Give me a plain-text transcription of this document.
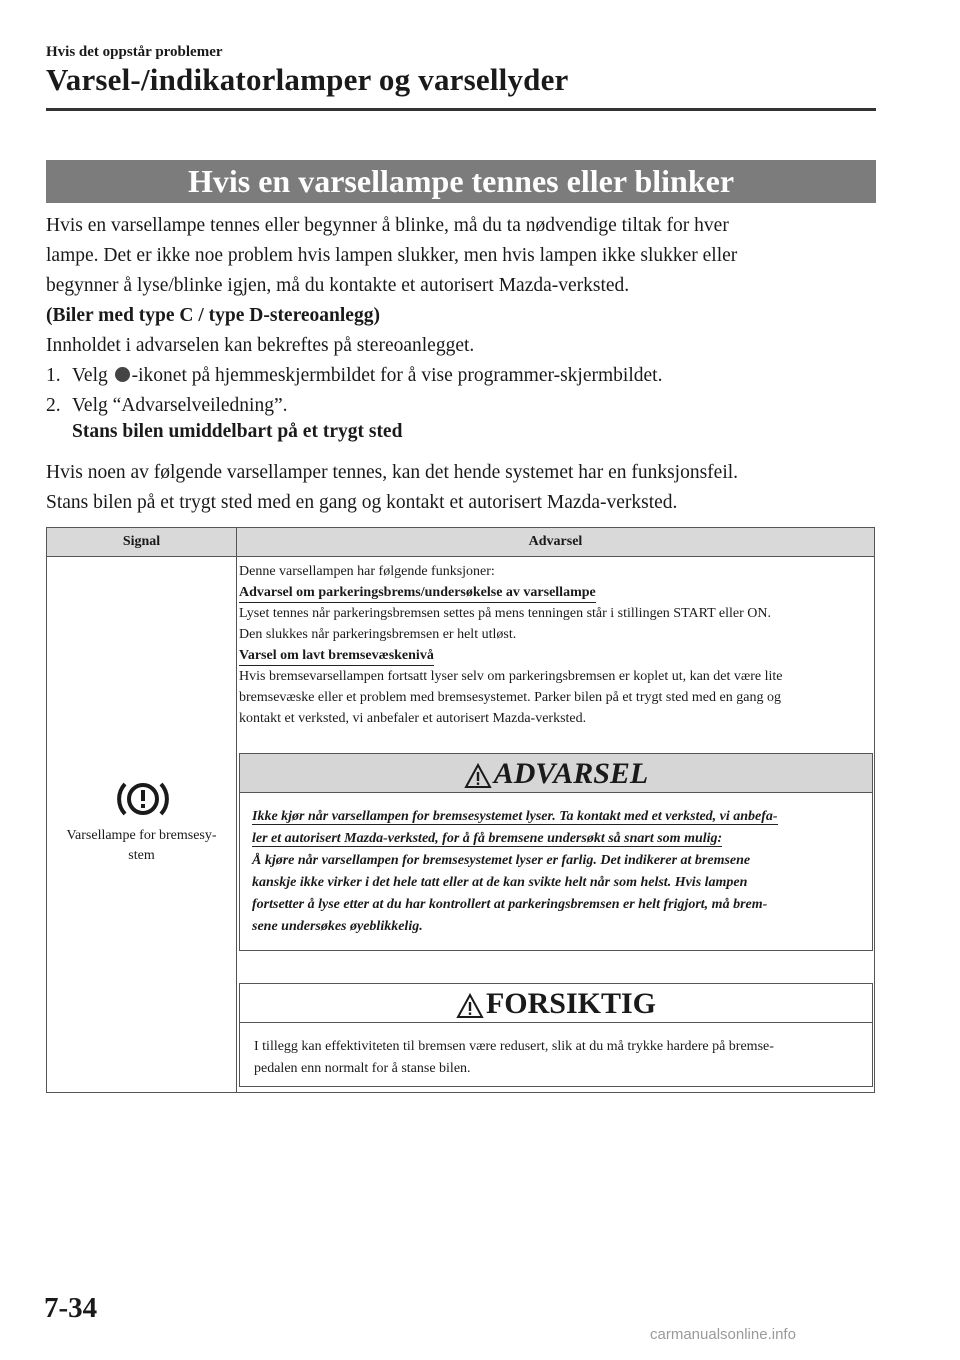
Hvis det oppstår problemer
Varsel-/indikatorlamper og varsellyder
Hvis en varsellampe tennes eller blinker
Hvis en varsellampe tennes eller begynner å blinke, må du ta nødvendige tiltak for hver
lampe. Det er ikke noe problem hvis lampen slukker, men hvis lampen ikke slukker eller
begynner å lyse/blinke igjen, må du kontakte et autorisert Mazda-verksted.
(Biler med type C / type D-stereoanlegg)
Innholdet i advarselen kan bekreftes på stereoanlegget.
1. Velg -ikonet på hjemmeskjermbildet for å vise programmer-skjermbildet.
2. Velg “Advarselveiledning”.
Stans bilen umiddelbart på et trygt sted
Hvis noen av følgende varsellamper tennes, kan det hende systemet har en funksjonsfeil.
Stans bilen på et trygt sted med en gang og kontakt et autorisert Mazda-verksted.
Signal	Advarsel
Varsellampe for bremsesy-
stem
Denne varsellampen har følgende funksjoner:
Advarsel om parkeringsbrems/undersøkelse av varsellampe
Lyset tennes når parkeringsbremsen settes på mens tenningen står i stillingen START eller ON.
Den slukkes når parkeringsbremsen er helt utløst.
Varsel om lavt bremsevæskenivå
Hvis bremsevarsellampen fortsatt lyser selv om parkeringsbremsen er koplet ut, kan det være lite
bremsevæske eller et problem med bremsesystemet. Parker bilen på et trygt sted med en gang og
kontakt et verksted, vi anbefaler et autorisert Mazda-verksted.
ADVARSEL
Ikke kjør når varsellampen for bremsesystemet lyser. Ta kontakt med et verksted, vi anbefa-
ler et autorisert Mazda-verksted, for å få bremsene undersøkt så snart som mulig:
Å kjøre når varsellampen for bremsesystemet lyser er farlig. Det indikerer at bremsene
kanskje ikke virker i det hele tatt eller at de kan svikte helt når som helst. Hvis lampen
fortsetter å lyse etter at du har kontrollert at parkeringsbremsen er helt frigjort, må brem-
sene undersøkes øyeblikkelig.
FORSIKTIG
I tillegg kan effektiviteten til bremsen være redusert, slik at du må trykke hardere på bremse-
pedalen enn normalt for å stanse bilen.
7-34
carmanualsonline.info
